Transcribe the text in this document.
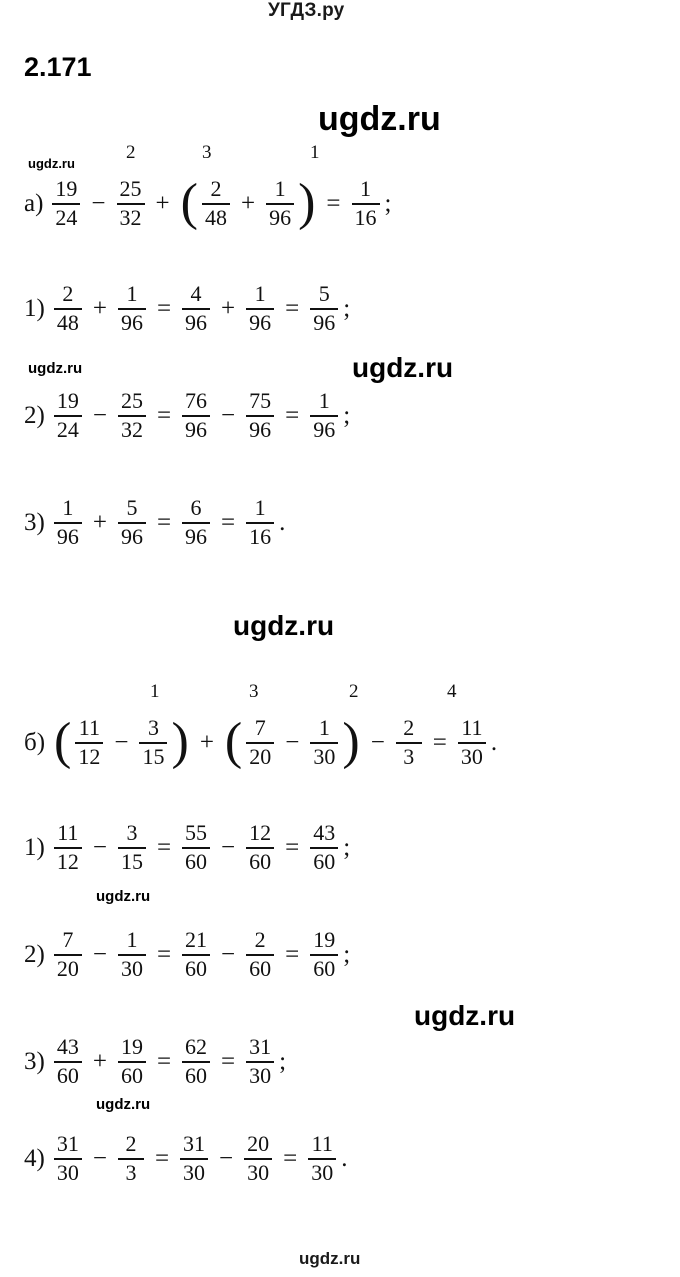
УГДЗ.ру
2.171
ugdz.ru
ugdz.ru
ugdz.ru	ugdz.ru
ugdz.ru
ugdz.ru
ugdz.ru
ugdz.ru
2	3	1
$а) \frac{19}{24} - \frac{25}{32}$ + ( $\frac{2}{48} + \frac{1}{96}$ ) = $\frac{1}{16}$ ;
$1) \frac{2}{48} + \frac{1}{96} = \frac{4}{96} + \frac{1}{96} = \frac{5}{96}$ ;
$2) \frac{19}{24} - \frac{25}{32} = \frac{76}{96} - \frac{75}{96} = \frac{1}{96}$ ;
$3) \frac{1}{96} + \frac{5}{96} = \frac{6}{96} = \frac{1}{16}$ .
1	3	2	4
б) ( $\frac{11}{12} - \frac{3}{15}$ ) + ( $\frac{7}{20} - \frac{1}{30}$ ) − $\frac{2}{3} = \frac{11}{30}$ .
$1) \frac{11}{12} - \frac{3}{15} = \frac{55}{60} - \frac{12}{60} = \frac{43}{60}$ ;
$2) \frac{7}{20} - \frac{1}{30} = \frac{21}{60} - \frac{2}{60} = \frac{19}{60}$ ;
$3) \frac{43}{60} + \frac{19}{60} = \frac{62}{60} = \frac{31}{30}$ ;
$4) \frac{31}{30} - \frac{2}{3} = \frac{31}{30} - \frac{20}{30} = \frac{11}{30}$ .
ugdz.ru
